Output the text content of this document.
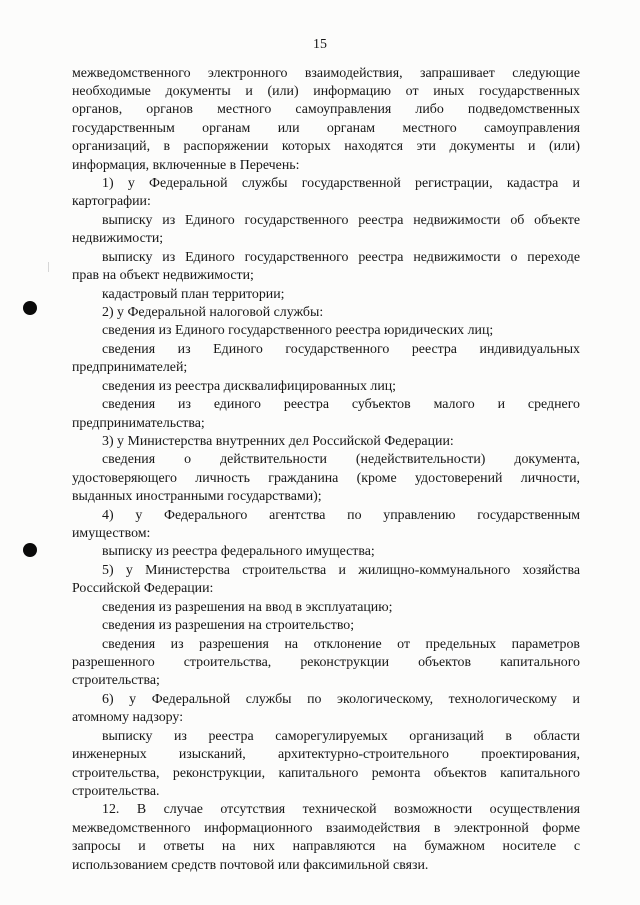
15
межведомственного электронного взаимодействия, запрашивает следующие
необходимые документы и (или) информацию от иных государственных
органов, органов местного самоуправления либо подведомственных
государственным органам или органам местного самоуправления
организаций, в распоряжении которых находятся эти документы и (или)
информация, включенные в Перечень:
1) у Федеральной службы государственной регистрации, кадастра и
картографии:
выписку из Единого государственного реестра недвижимости об объекте
недвижимости;
выписку из Единого государственного реестра недвижимости о переходе
прав на объект недвижимости;
кадастровый план территории;
2) у Федеральной налоговой службы:
сведения из Единого государственного реестра юридических лиц;
сведения из Единого государственного реестра индивидуальных
предпринимателей;
сведения из реестра дисквалифицированных лиц;
сведения из единого реестра субъектов малого и среднего
предпринимательства;
3) у Министерства внутренних дел Российской Федерации:
сведения о действительности (недействительности) документа,
удостоверяющего личность гражданина (кроме удостоверений личности,
выданных иностранными государствами);
4) у Федерального агентства по управлению государственным
имуществом:
выписку из реестра федерального имущества;
5) у Министерства строительства и жилищно-коммунального хозяйства
Российской Федерации:
сведения из разрешения на ввод в эксплуатацию;
сведения из разрешения на строительство;
сведения из разрешения на отклонение от предельных параметров
разрешенного строительства, реконструкции объектов капитального
строительства;
6) у Федеральной службы по экологическому, технологическому и
атомному надзору:
выписку из реестра саморегулируемых организаций в области
инженерных изысканий, архитектурно-строительного проектирования,
строительства, реконструкции, капитального ремонта объектов капитального
строительства.
12. В случае отсутствия технической возможности осуществления
межведомственного информационного взаимодействия в электронной форме
запросы и ответы на них направляются на бумажном носителе с
использованием средств почтовой или факсимильной связи.
